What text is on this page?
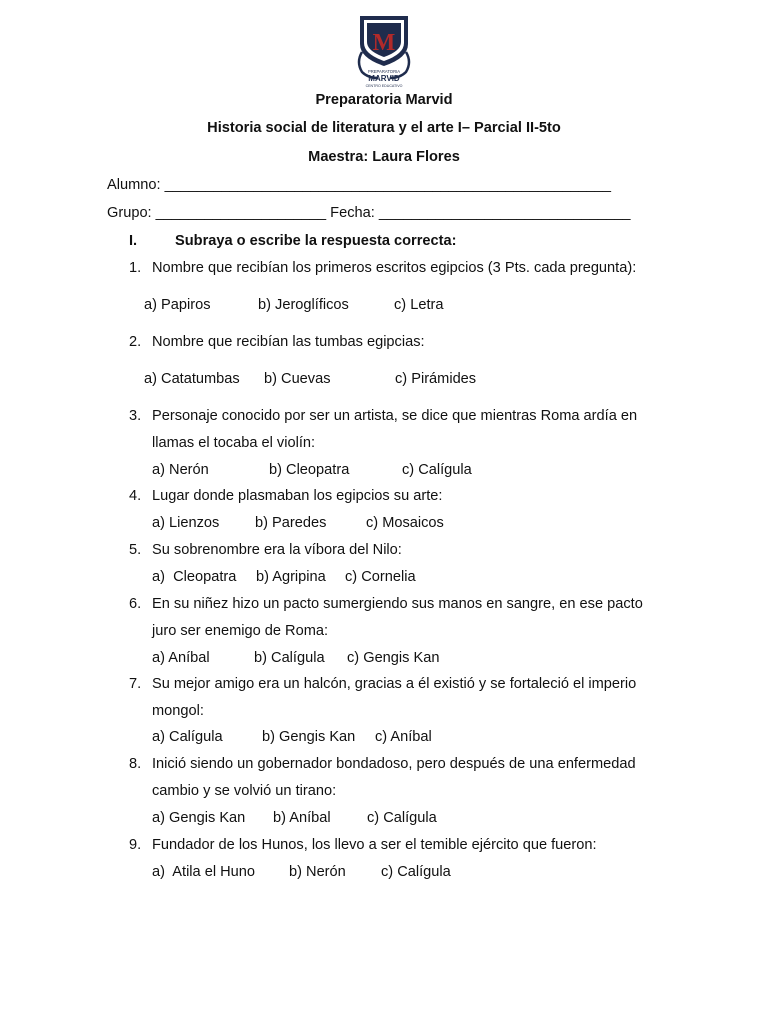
M
PREPARATORIA
MARVID
CENTRO EDUCATIVO
Preparatoria Marvid
Historia social de literatura y el arte I– Parcial II-5to
Maestra: Laura Flores
Alumno: _______________________________________________________
Grupo: _____________________ Fecha: _______________________________
I.	Subraya o escribe la respuesta correcta:
1. Nombre que recibían los primeros escritos egipcios (3 Pts. cada pregunta):
a) Papiros	b) Jeroglíficos	c) Letra
2. Nombre que recibían las tumbas egipcias:
a) Catatumbas b) Cuevas	c) Pirámides
3. Personaje conocido por ser un artista, se dice que mientras Roma ardía en
llamas el tocaba el violín:
a) Nerón	b) Cleopatra	c) Calígula
4. Lugar donde plasmaban los egipcios su arte:
a) Lienzos b) Paredes	c) Mosaicos
5. Su sobrenombre era la víbora del Nilo:
a)  Cleopatra b) Agripina c) Cornelia
6. En su niñez hizo un pacto sumergiendo sus manos en sangre, en ese pacto
juro ser enemigo de Roma:
a) Aníbal	b) Calígula c) Gengis Kan
7. Su mejor amigo era un halcón, gracias a él existió y se fortaleció el imperio
mongol:
a) Calígula	b) Gengis Kan c) Aníbal
8. Inició siendo un gobernador bondadoso, pero después de una enfermedad
cambio y se volvió un tirano:
a) Gengis Kan b) Aníbal c) Calígula
9. Fundador de los Hunos, los llevo a ser el temible ejército que fueron:
a)  Atila el Huno b) Nerón c) Calígula
